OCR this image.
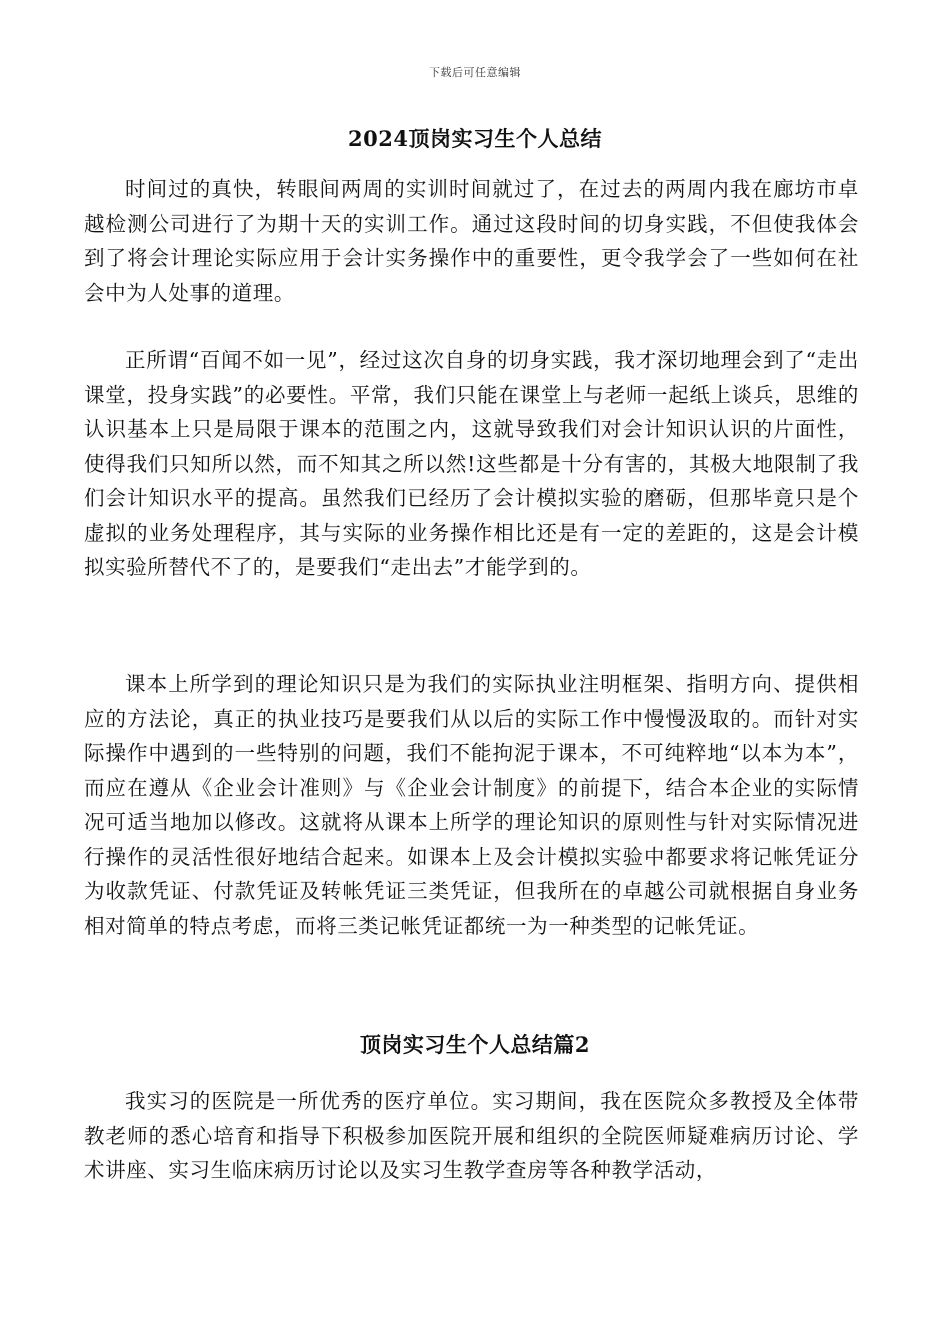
下载后可任意编辑
2024顶岗实习生个人总结

时间过的真快，转眼间两周的实训时间就过了，在过去的两周内我在廊坊市卓越检测公司进行了为期十天的实训工作。通过这段时间的切身实践，不但使我体会到了将会计理论实际应用于会计实务操作中的重要性，更令我学会了一些如何在社会中为人处事的道理。

正所谓“百闻不如一见”，经过这次自身的切身实践，我才深切地理会到了“走出课堂，投身实践”的必要性。平常，我们只能在课堂上与老师一起纸上谈兵，思维的认识基本上只是局限于课本的范围之内，这就导致我们对会计知识认识的片面性，使得我们只知所以然，而不知其之所以然!这些都是十分有害的，其极大地限制了我们会计知识水平的提高。虽然我们已经历了会计模拟实验的磨砺，但那毕竟只是个虚拟的业务处理程序，其与实际的业务操作相比还是有一定的差距的，这是会计模拟实验所替代不了的，是要我们“走出去”才能学到的。

课本上所学到的理论知识只是为我们的实际执业注明框架、指明方向、提供相应的方法论，真正的执业技巧是要我们从以后的实际工作中慢慢汲取的。而针对实际操作中遇到的一些特别的问题，我们不能拘泥于课本，不可纯粹地“以本为本”，而应在遵从《企业会计准则》与《企业会计制度》的前提下，结合本企业的实际情况可适当地加以修改。这就将从课本上所学的理论知识的原则性与针对实际情况进行操作的灵活性很好地结合起来。如课本上及会计模拟实验中都要求将记帐凭证分为收款凭证、付款凭证及转帐凭证三类凭证，但我所在的卓越公司就根据自身业务相对简单的特点考虑，而将三类记帐凭证都统一为一种类型的记帐凭证。

顶岗实习生个人总结篇2

我实习的医院是一所优秀的医疗单位。实习期间，我在医院众多教授及全体带教老师的悉心培育和指导下积极参加医院开展和组织的全院医师疑难病历讨论、学术讲座、实习生临床病历讨论以及实习生教学查房等各种教学活动，
